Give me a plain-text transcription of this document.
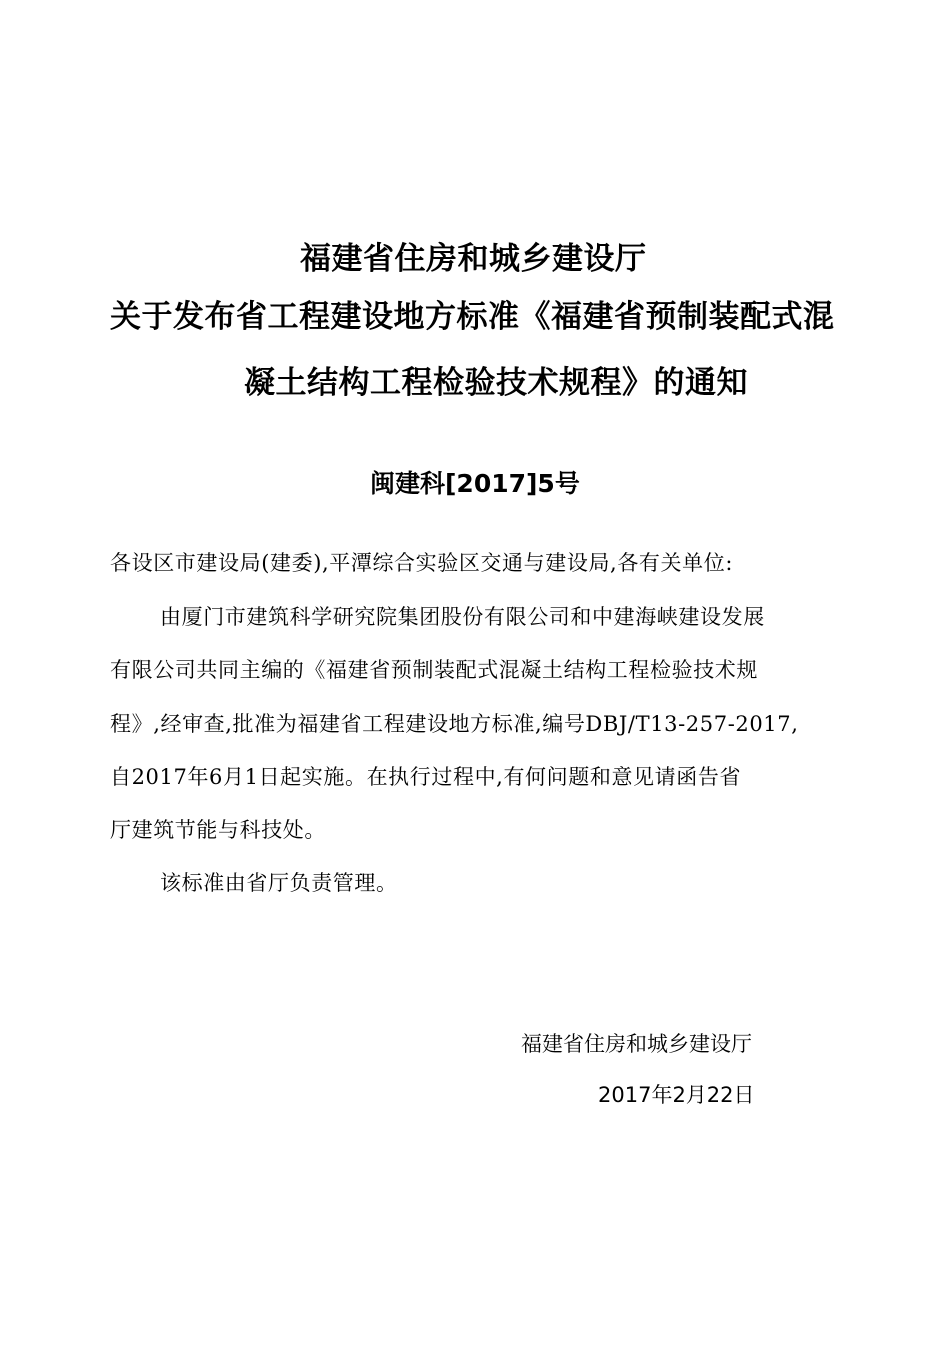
福建省住房和城乡建设厅
关于发布省工程建设地方标准《福建省预制装配式混
凝土结构工程检验技术规程》的通知
闽建科[2017]5号
各设区市建设局(建委),平潭综合实验区交通与建设局,各有关单位:
由厦门市建筑科学研究院集团股份有限公司和中建海峡建设发展
有限公司共同主编的《福建省预制装配式混凝土结构工程检验技术规
程》,经审查,批准为福建省工程建设地方标准,编号DBJ/T13-257-2017,
自2017年6月1日起实施。在执行过程中,有何问题和意见请函告省
厅建筑节能与科技处。
该标准由省厅负责管理。
福建省住房和城乡建设厅
2017年2月22日
